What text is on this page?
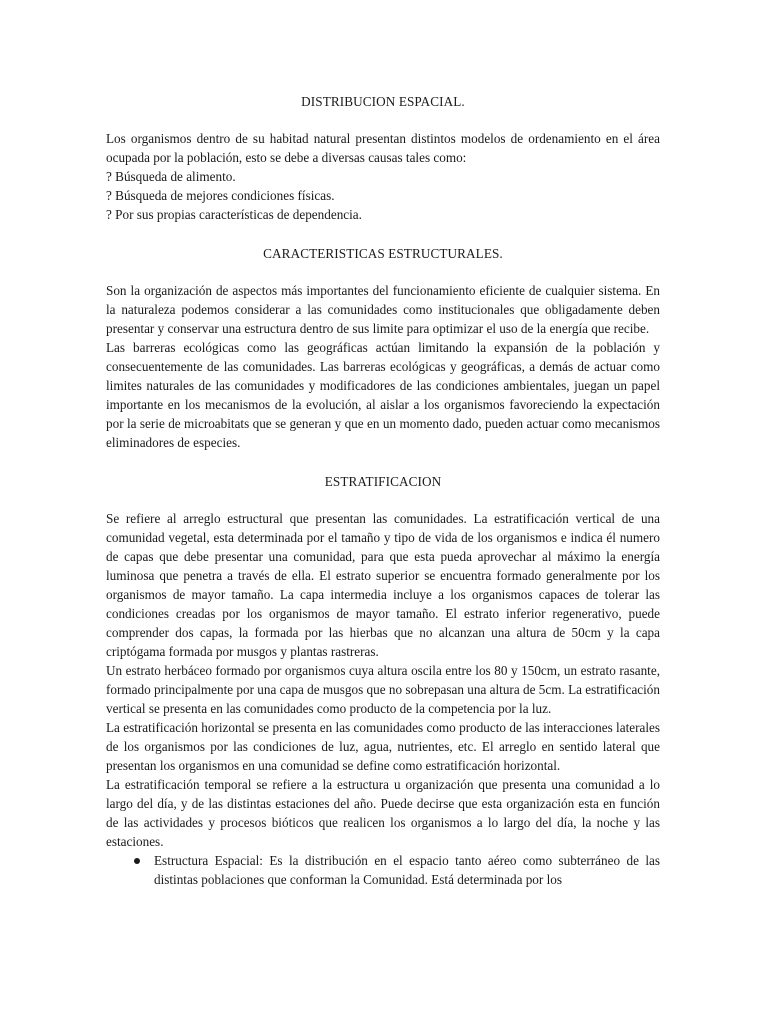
DISTRIBUCION ESPACIAL.

Los organismos dentro de su habitad natural presentan distintos modelos de ordenamiento en el área ocupada por la población, esto se debe a diversas causas tales como:

? Búsqueda de alimento.
? Búsqueda de mejores condiciones físicas.
? Por sus propias características de dependencia.
CARACTERISTICAS ESTRUCTURALES.

Son la organización de aspectos más importantes del funcionamiento eficiente de cualquier sistema. En la naturaleza podemos considerar a las comunidades como institucionales que obligadamente deben presentar y conservar una estructura dentro de sus limite para optimizar el uso de la energía que recibe.

Las barreras ecológicas como las geográficas actúan limitando la expansión de la población y consecuentemente de las comunidades. Las barreras ecológicas y geográficas, a demás de actuar como limites naturales de las comunidades y modificadores de las condiciones ambientales, juegan un papel importante en los mecanismos de la evolución, al aislar a los organismos favoreciendo la expectación por la serie de microabitats que se generan y que en un momento dado, pueden actuar como mecanismos eliminadores de especies.

ESTRATIFICACION

Se refiere al arreglo estructural que presentan las comunidades. La estratificación vertical de una comunidad vegetal, esta determinada por el tamaño y tipo de vida de los organismos e indica él numero de capas que debe presentar una comunidad, para que esta pueda aprovechar al máximo la energía luminosa que penetra a través de ella. El estrato superior se encuentra formado generalmente por los organismos de mayor tamaño. La capa intermedia incluye a los organismos capaces de tolerar las condiciones creadas por los organismos de mayor tamaño. El estrato inferior regenerativo, puede comprender dos capas, la formada por las hierbas que no alcanzan una altura de 50cm y la capa criptógama formada por musgos y plantas rastreras.

Un estrato herbáceo formado por organismos cuya altura oscila entre los 80 y 150cm, un estrato rasante, formado principalmente por una capa de musgos que no sobrepasan una altura de 5cm. La estratificación vertical se presenta en las comunidades como producto de la competencia por la luz.

La estratificación horizontal se presenta en las comunidades como producto de las interacciones laterales de los organismos por las condiciones de luz, agua, nutrientes, etc. El arreglo en sentido lateral que presentan los organismos en una comunidad se define como estratificación horizontal.

La estratificación temporal se refiere a la estructura u organización que presenta una comunidad a lo largo del día, y de las distintas estaciones del año. Puede decirse que esta organización esta en función de las actividades y procesos bióticos que realicen los organismos a lo largo del día, la noche y las estaciones.

Estructura Espacial: Es la distribución en el espacio tanto aéreo como subterráneo de las distintas poblaciones que conforman la Comunidad. Está determinada por los
